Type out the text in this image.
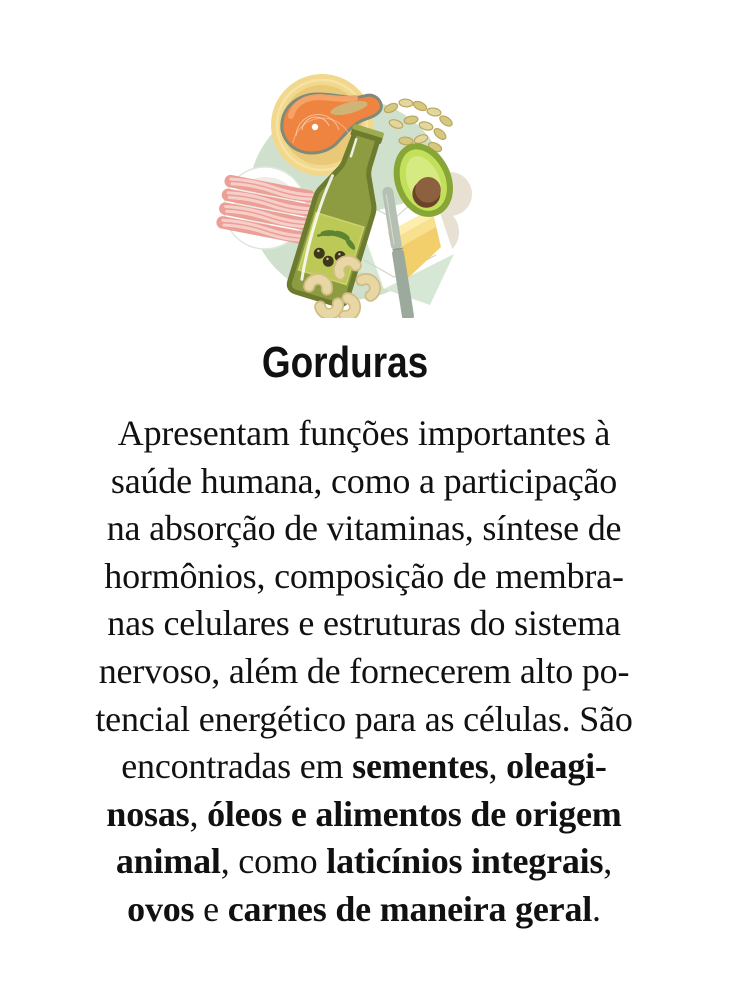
Gorduras
Apresentam funções importantes à
saúde humana, como a participação
na absorção de vitaminas, síntese de
hormônios, composição de membra-
nas celulares e estruturas do sistema
nervoso, além de fornecerem alto po-
tencial energético para as células. São
encontradas em sementes, oleagi-
nosas, óleos e alimentos de origem
animal, como laticínios integrais,
ovos e carnes de maneira geral.
